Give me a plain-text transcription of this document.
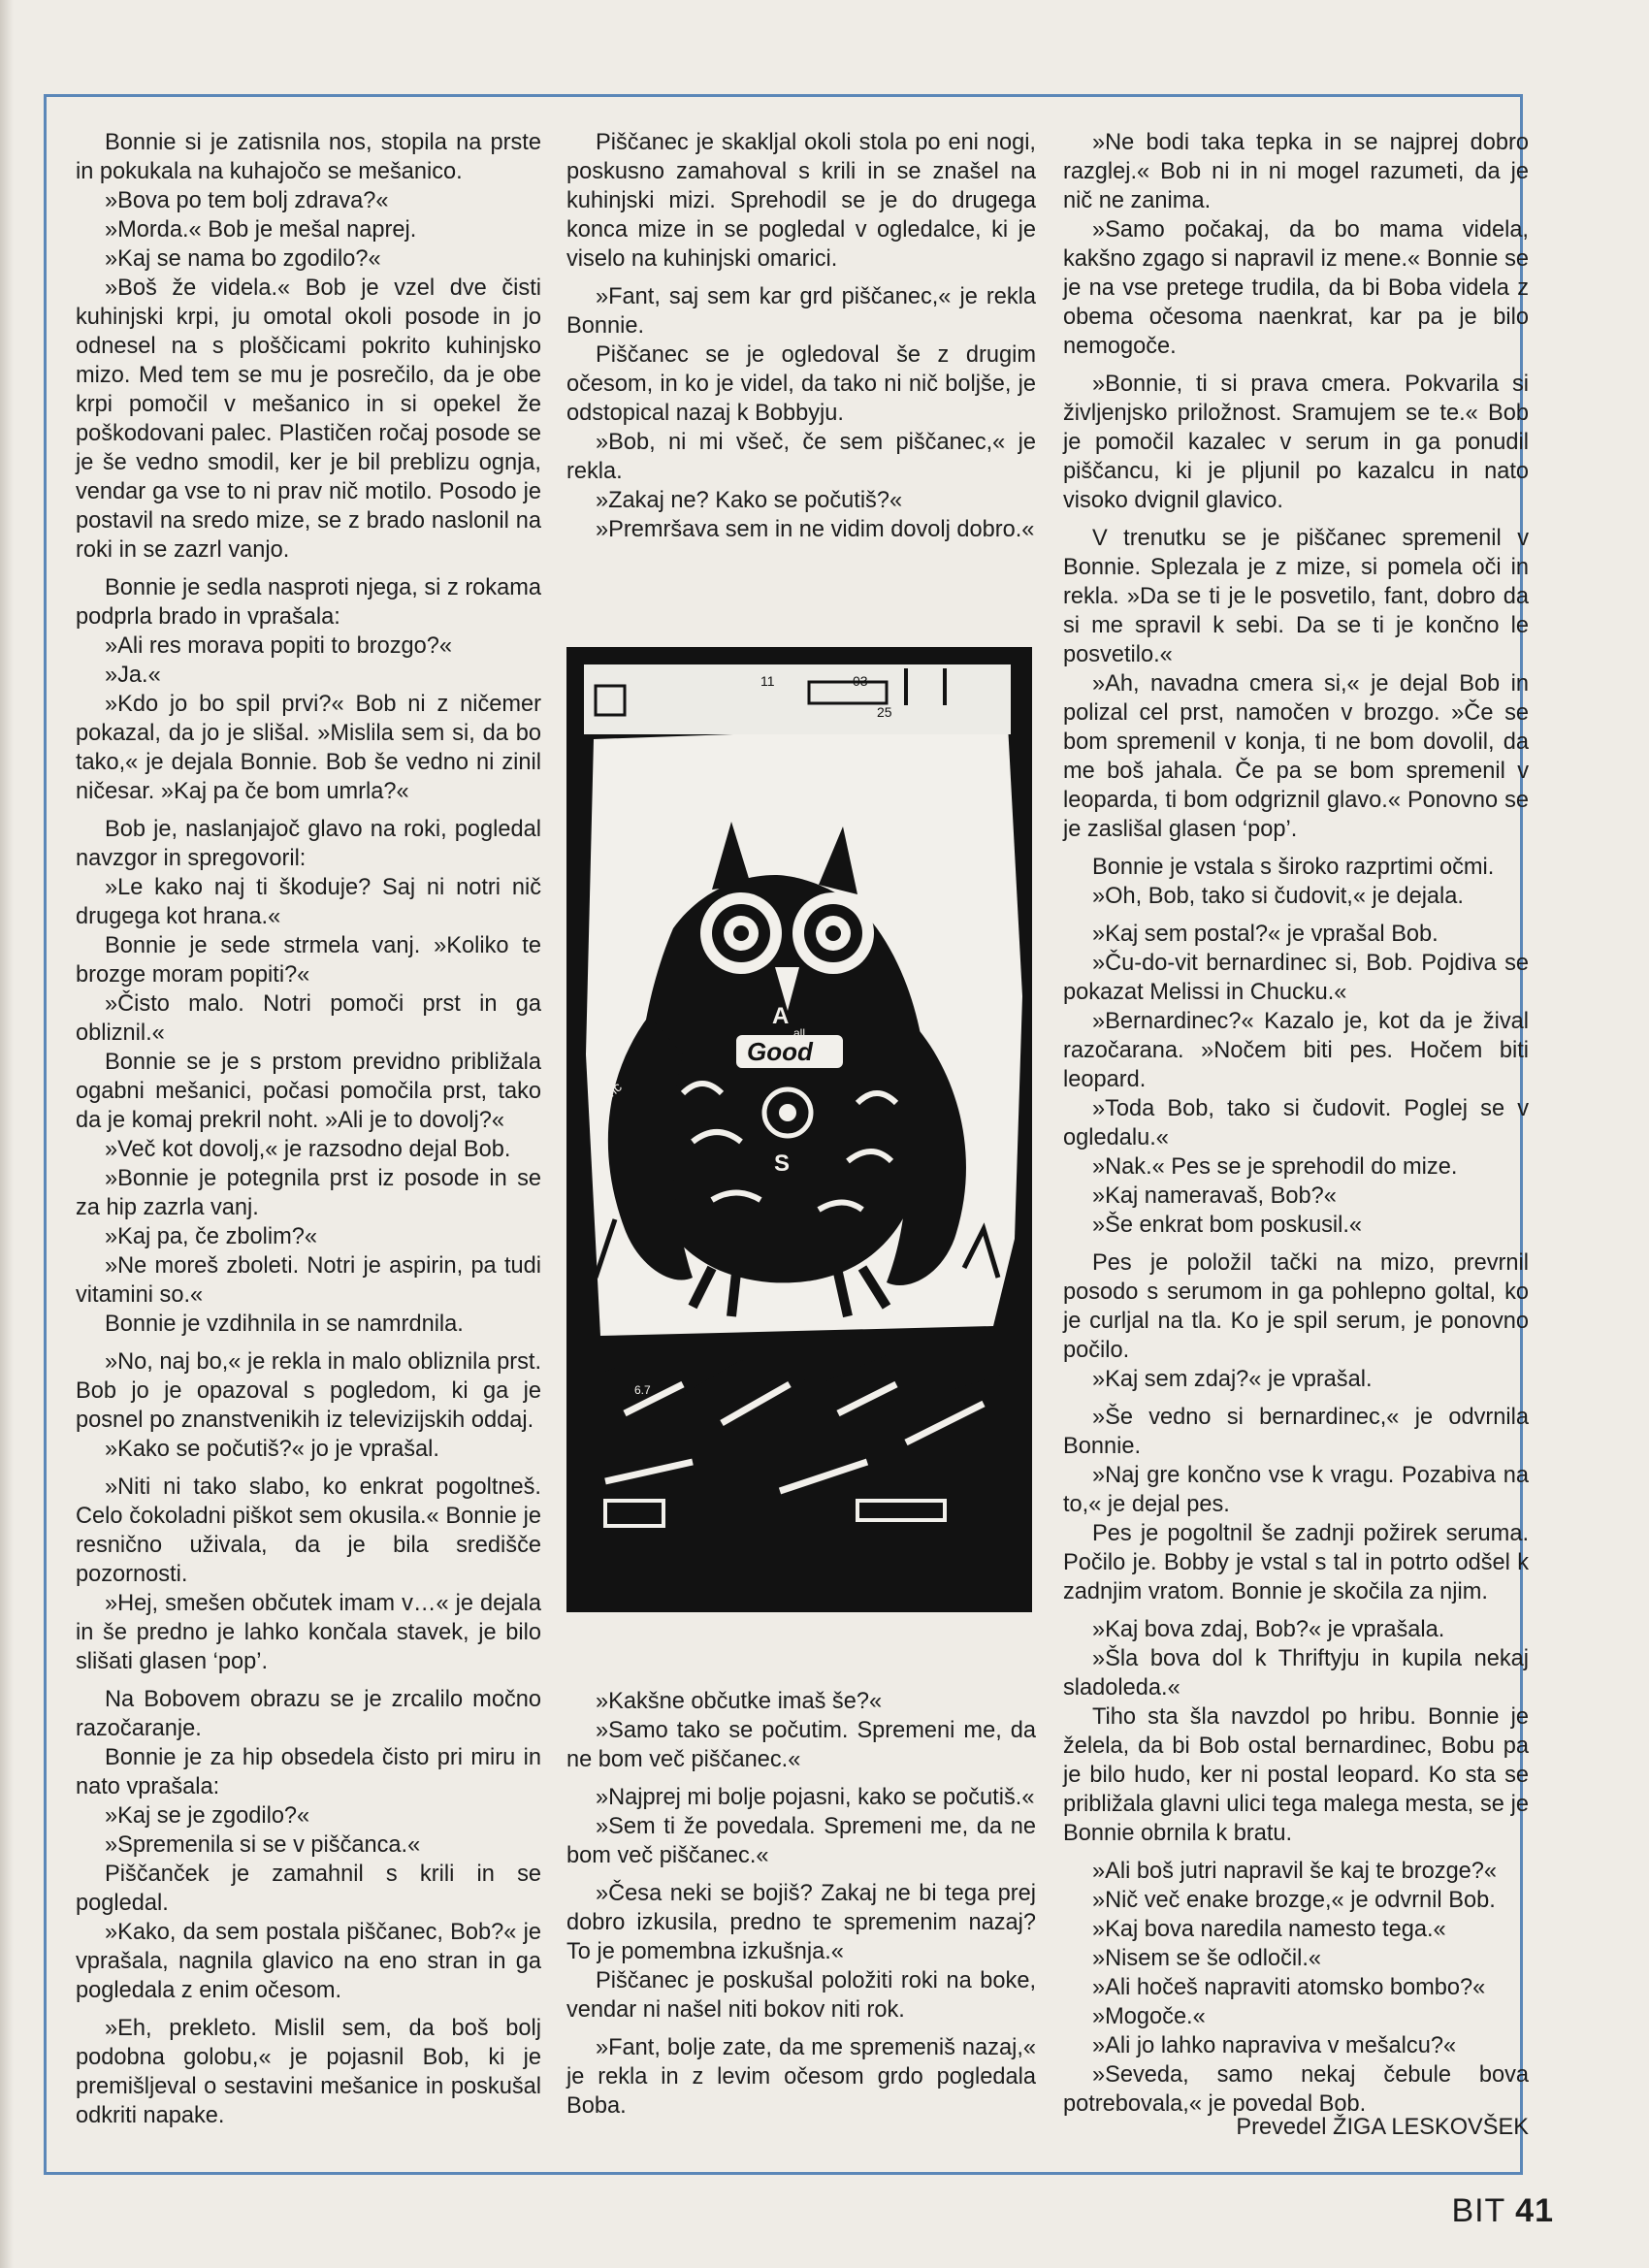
Bonnie si je zatisnila nos, stopila na prste in pokukala na kuhajočo se mešanico.

»Bova po tem bolj zdrava?«

»Morda.« Bob je mešal naprej.

»Kaj se nama bo zgodilo?«

»Boš že videla.« Bob je vzel dve čisti kuhinjski krpi, ju omotal okoli posode in jo odnesel na s ploščicami pokrito kuhinjsko mizo. Med tem se mu je posrečilo, da je obe krpi pomočil v mešanico in si opekel že poškodovani palec. Plastičen ročaj posode se je še vedno smodil, ker je bil preblizu ognja, vendar ga vse to ni prav nič motilo. Posodo je postavil na sredo mize, se z brado naslonil na roki in se zazrl vanjo.

Bonnie je sedla nasproti njega, si z rokama podprla brado in vprašala:

»Ali res morava popiti to brozgo?«

»Ja.«

»Kdo jo bo spil prvi?« Bob ni z ničemer pokazal, da jo je slišal. »Mislila sem si, da bo tako,« je dejala Bonnie. Bob še vedno ni zinil ničesar. »Kaj pa če bom umrla?«

Bob je, naslanjajoč glavo na roki, pogledal navzgor in spregovoril:

»Le kako naj ti škoduje? Saj ni notri nič drugega kot hrana.«

Bonnie je sede strmela vanj. »Koliko te brozge moram popiti?«

»Čisto malo. Notri pomoči prst in ga obliznil.«

Bonnie se je s prstom previdno približala ogabni mešanici, počasi pomočila prst, tako da je komaj prekril noht. »Ali je to dovolj?«

»Več kot dovolj,« je razsodno dejal Bob.

»Bonnie je potegnila prst iz posode in se za hip zazrla vanj.

»Kaj pa, če zbolim?«

»Ne moreš zboleti. Notri je aspirin, pa tudi vitamini so.«

Bonnie je vzdihnila in se namrdnila.

»No, naj bo,« je rekla in malo obliznila prst. Bob jo je opazoval s pogledom, ki ga je posnel po znanstvenikih iz televizijskih oddaj.

»Kako se počutiš?« jo je vprašal.

»Niti ni tako slabo, ko enkrat pogoltneš. Celo čokoladni piškot sem okusila.« Bonnie je resnično uživala, da je bila središče pozornosti.

»Hej, smešen občutek imam v…« je dejala in še predno je lahko končala stavek, je bilo slišati glasen ‘pop’.

Na Bobovem obrazu se je zrcalilo močno razočaranje.

Bonnie je za hip obsedela čisto pri miru in nato vprašala:

»Kaj se je zgodilo?«

»Spremenila si se v piščanca.«

Piščanček je zamahnil s krili in se pogledal.

»Kako, da sem postala piščanec, Bob?« je vprašala, nagnila glavico na eno stran in ga pogledala z enim očesom.

»Eh, prekleto. Mislil sem, da boš bolj podobna golobu,« je pojasnil Bob, ki je premišljeval o sestavini mešanice in poskušal odkriti napake.

Piščanec je skakljal okoli stola po eni nogi, poskusno zamahoval s krili in se znašel na kuhinjski mizi. Sprehodil se je do drugega konca mize in se pogledal v ogledalce, ki je viselo na kuhinjski omarici.

»Fant, saj sem kar grd piščanec,« je rekla Bonnie.

Piščanec se je ogledoval še z drugim očesom, in ko je videl, da tako ni nič boljše, je odstopical nazaj k Bobbyju.

»Bob, ni mi všeč, če sem piščanec,« je rekla.

»Zakaj ne? Kako se počutiš?«

»Premršava sem in ne vidim dovolj dobro.«

11	03
25
A
all
Good
S
rmc
6.7

»Kakšne občutke imaš še?«

»Samo tako se počutim. Spremeni me, da ne bom več piščanec.«

»Najprej mi bolje pojasni, kako se počutiš.«

»Sem ti že povedala. Spremeni me, da ne bom več piščanec.«

»Česa neki se bojiš? Zakaj ne bi tega prej dobro izkusila, predno te spremenim nazaj? To je pomembna izkušnja.«

Piščanec je poskušal položiti roki na boke, vendar ni našel niti bokov niti rok.

»Fant, bolje zate, da me spremeniš nazaj,« je rekla in z levim očesom grdo pogledala Boba.

»Ne bodi taka tepka in se najprej dobro razglej.« Bob ni in ni mogel razumeti, da je nič ne zanima.

»Samo počakaj, da bo mama videla, kakšno zgago si napravil iz mene.« Bonnie se je na vse pretege trudila, da bi Boba videla z obema očesoma naenkrat, kar pa je bilo nemogoče.

»Bonnie, ti si prava cmera. Pokvarila si življenjsko priložnost. Sramujem se te.« Bob je pomočil kazalec v serum in ga ponudil piščancu, ki je pljunil po kazalcu in nato visoko dvignil glavico.

V trenutku se je piščanec spremenil v Bonnie. Splezala je z mize, si pomela oči in rekla. »Da se ti je le posvetilo, fant, dobro da si me spravil k sebi. Da se ti je končno le posvetilo.«

»Ah, navadna cmera si,« je dejal Bob in polizal cel prst, namočen v brozgo. »Če se bom spremenil v konja, ti ne bom dovolil, da me boš jahala. Če pa se bom spremenil v leoparda, ti bom odgriznil glavo.« Ponovno se je zaslišal glasen ‘pop’.

Bonnie je vstala s široko razprtimi očmi.

»Oh, Bob, tako si čudovit,« je dejala.

»Kaj sem postal?« je vprašal Bob.

»Ču-do-vit bernardinec si, Bob. Pojdiva se pokazat Melissi in Chucku.«

»Bernardinec?« Kazalo je, kot da je žival razočarana. »Nočem biti pes. Hočem biti leopard.

»Toda Bob, tako si čudovit. Poglej se v ogledalu.«

»Nak.« Pes se je sprehodil do mize.

»Kaj nameravaš, Bob?«

»Še enkrat bom poskusil.«

Pes je položil tački na mizo, prevrnil posodo s serumom in ga pohlepno goltal, ko je curljal na tla. Ko je spil serum, je ponovno počilo.

»Kaj sem zdaj?« je vprašal.

»Še vedno si bernardinec,« je odvrnila Bonnie.

»Naj gre končno vse k vragu. Pozabiva na to,« je dejal pes.

Pes je pogoltnil še zadnji požirek seruma. Počilo je. Bobby je vstal s tal in potrto odšel k zadnjim vratom. Bonnie je skočila za njim.

»Kaj bova zdaj, Bob?« je vprašala.

»Šla bova dol k Thriftyju in kupila nekaj sladoleda.«

Tiho sta šla navzdol po hribu. Bonnie je želela, da bi Bob ostal bernardinec, Bobu pa je bilo hudo, ker ni postal leopard. Ko sta se približala glavni ulici tega malega mesta, se je Bonnie obrnila k bratu.

»Ali boš jutri napravil še kaj te brozge?«

»Nič več enake brozge,« je odvrnil Bob.

»Kaj bova naredila namesto tega.«

»Nisem se še odločil.«

»Ali hočeš napraviti atomsko bombo?«

»Mogoče.«

»Ali jo lahko napraviva v mešalcu?«

»Seveda, samo nekaj čebule bova potrebovala,« je povedal Bob.

Prevedel ŽIGA LESKOVŠEK
BIT 41
